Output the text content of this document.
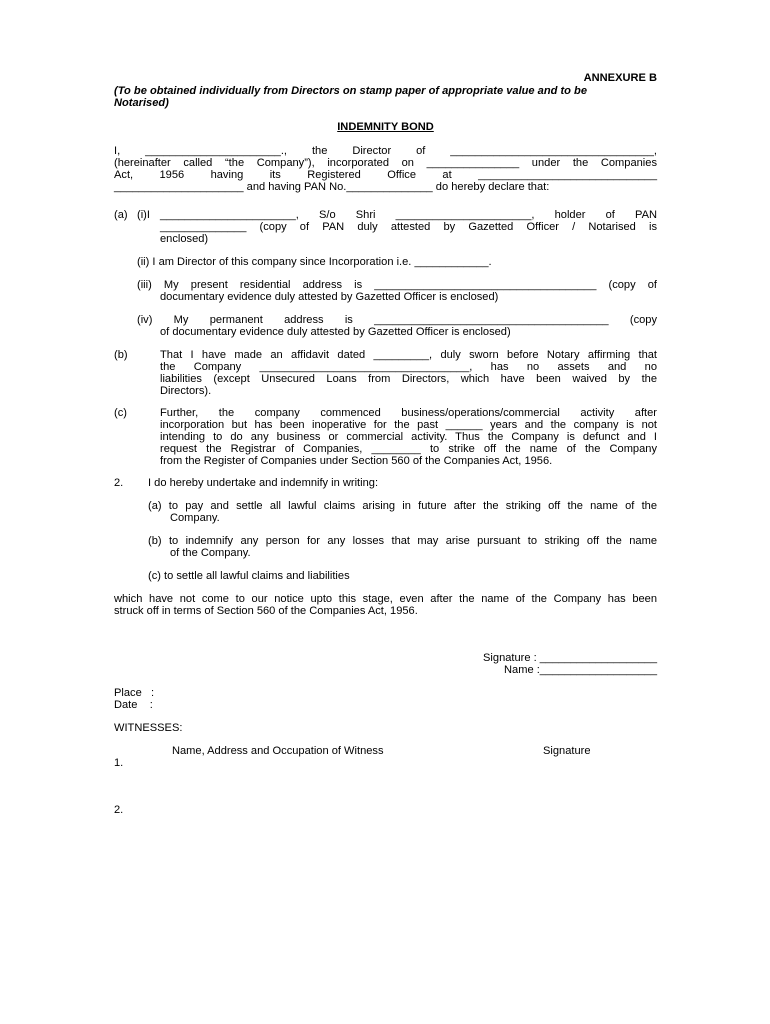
ANNEXURE B
(To be obtained individually from Directors on stamp paper of appropriate value and to be
Notarised)
INDEMNITY BOND
I, ______________________., the Director of _________________________________,
(hereinafter called “the Company”), incorporated on _______________ under the Companies
Act, 1956 having its Registered Office at _____________________________
_____________________ and having PAN No.______________ do hereby declare that:
(a) (i)I ______________________, S/o Shri ______________________, holder of PAN
______________ (copy of PAN duly attested by Gazetted Officer / Notarised is
enclosed)
(ii) I am Director of this company since Incorporation i.e. ____________.
(iii) My present residential address is ____________________________________ (copy of
documentary evidence duly attested by Gazetted Officer is enclosed)
(iv) My permanent address is ______________________________________ (copy
of documentary evidence duly attested by Gazetted Officer is enclosed)
(b)	That I have made an affidavit dated _________, duly sworn before Notary affirming that
the Company __________________________________, has no assets and no
liabilities (except Unsecured Loans from Directors, which have been waived by the
Directors).
(c)	Further, the company commenced business/operations/commercial activity after
incorporation but has been inoperative for the past ______ years and the company is not
intending to do any business or commercial activity. Thus the Company is defunct and I
request the Registrar of Companies, ________ to strike off the name of the Company
from the Register of Companies under Section 560 of the Companies Act, 1956.
2. I do hereby undertake and indemnify in writing:
(a) to pay and settle all lawful claims arising in future after the striking off the name of the
Company.
(b) to indemnify any person for any losses that may arise pursuant to striking off the name
of the Company.
(c) to settle all lawful claims and liabilities
which have not come to our notice upto this stage, even after the name of the Company has been
struck off in terms of Section 560 of the Companies Act, 1956.
Signature : ___________________
Name :___________________
Place   :
Date    :
WITNESSES:
Name, Address and Occupation of Witness	Signature
1.
2.
